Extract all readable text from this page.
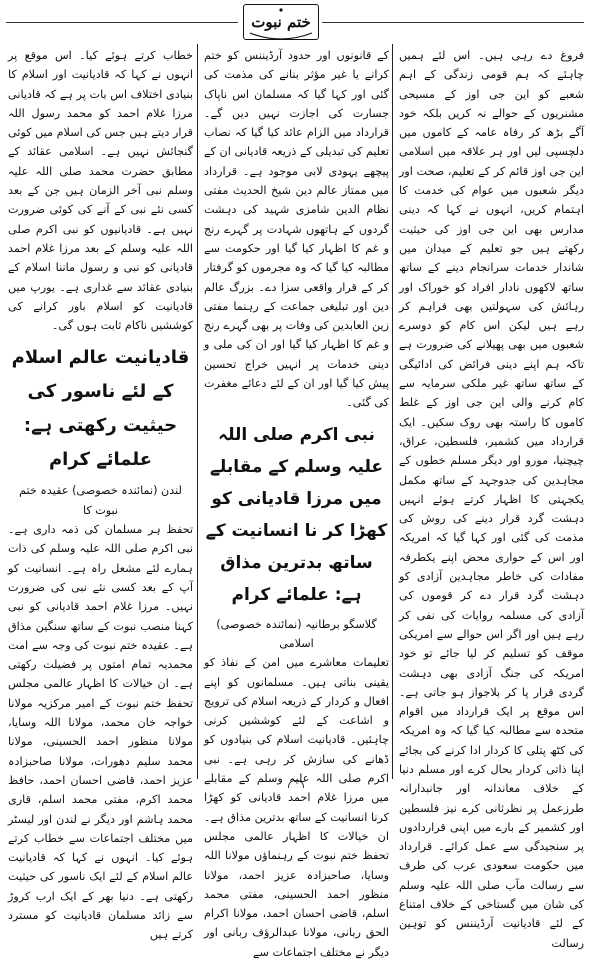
ختم نبوت

فروغ دے رہی ہیں۔ اس لئے ہمیں چاہئے کہ ہم قومی زندگی کے اہم شعبے کو این جی اوز کے مسیحی مشنریوں کے حوالے نہ کریں بلکہ خود آگے بڑھ کر رفاہ عامہ کے کاموں میں دلچسپی لیں اور ہر علاقہ میں اسلامی این جی اوز قائم کر کے تعلیم، صحت اور دیگر شعبوں میں عوام کی خدمت کا اہتمام کریں، انہوں نے کہا کہ دینی مدارس بھی این جی اوز کی حیثیت رکھتے ہیں جو تعلیم کے میدان میں شاندار خدمات سرانجام دینے کے ساتھ ساتھ لاکھوں نادار افراد کو خوراک اور رہائش کی سہولتیں بھی فراہم کر رہے ہیں لیکن اس کام کو دوسرے شعبوں میں بھی پھیلانے کی ضرورت ہے تاکہ ہم اپنے دینی فرائض کی ادائیگی کے ساتھ ساتھ غیر ملکی سرمایہ سے کام کرنے والی این جی اوز کے غلط کاموں کا راستہ بھی روک سکیں۔ ایک قرارداد میں کشمیر، فلسطین، عراق، چیچنیا، مورو اور دیگر مسلم خطوں کے مجاہدین کی جدوجہد کے ساتھ مکمل یکجہتی کا اظہار کرتے ہوئے انہیں دہشت گرد قرار دینے کی روش کی مذمت کی گئی اور کہا گیا کہ امریکہ اور اس کے حواری محض اپنے یکطرفہ مفادات کی خاطر مجاہدین آزادی کو دہشت گرد قرار دے کر قوموں کی آزادی کی مسلمہ روایات کی نفی کر رہے ہیں اور اگر اس حوالے سے امریکی موقف کو تسلیم کر لیا جائے تو خود امریکہ کی جنگ آزادی بھی دہشت گردی قرار پا کر بلاجواز ہو جاتی ہے۔ اس موقع پر ایک قرارداد میں اقوام متحدہ سے مطالبہ کیا گیا کہ وہ امریکہ کی کٹھ پتلی کا کردار ادا کرنے کی بجائے اپنا ذاتی کردار بحال کرے اور مسلم دنیا کے خلاف معاندانہ اور جانبدارانہ طرزعمل پر نظرثانی کرے نیز فلسطین اور کشمیر کے بارے میں اپنی قراردادوں پر سنجیدگی سے عمل کرائے۔ قرارداد میں حکومت سعودی عرب کی طرف سے رسالت مآب صلی اللہ علیہ وسلم کی شان میں گستاخی کے خلاف امتناع کے لئے قادیانیت آرڈیننس کو توہین رسالت

کے قانونوں اور حدود آرڈیننس کو ختم کرانے یا غیر مؤثر بنانے کی مذمت کی گئی اور کہا گیا کہ مسلمان اس ناپاک جسارت کی اجازت نہیں دیں گے۔ قرارداد میں الزام عائد کیا گیا کہ نصاب تعلیم کی تبدیلی کے ذریعہ قادیانی ان کے پیچھے یہودی لابی موجود ہے۔ قرارداد میں ممتاز عالم دین شیخ الحدیث مفتی نظام الدین شامزی شہید کی دہشت گردوں کے ہاتھوں شہادت پر گہرے رنج و غم کا اظہار کیا گیا اور حکومت سے مطالبہ کیا گیا کہ وہ مجرموں کو گرفتار کر کے قرار واقعی سزا دے۔ بزرگ عالم دین اور تبلیغی جماعت کے رہنما مفتی زین العابدین کی وفات پر بھی گہرے رنج و غم کا اظہار کیا گیا اور ان کی ملی و دینی خدمات پر انہیں خراج تحسین پیش کیا گیا اور ان کے لئے دعائے مغفرت کی گئی۔

نبی اکرم صلی اللہ علیہ وسلم کے مقابلے میں مرزا قادیانی کو کھڑا کر نا انسانیت کے ساتھ بدترین مذاق ہے: علمائے کرام

گلاسگو برطانیہ (نمائندہ خصوصی) اسلامی

تعلیمات معاشرے میں امن کے نفاذ کو یقینی بناتی ہیں۔ مسلمانوں کو اپنے افعال و کردار کے ذریعہ اسلام کی ترویج و اشاعت کے لئے کوششیں کرنی چاہئیں۔ قادیانیت اسلام کی بنیادوں کو ڈھانے کی سازش کر رہی ہے۔ نبی اکرم صلی اللہ علیہ وسلم کے مقابلے میں مرزا غلام احمد قادیانی کو کھڑا کرنا انسانیت کے ساتھ بدترین مذاق ہے۔ ان خیالات کا اظہار عالمی مجلس تحفظ ختم نبوت کے رہنماؤں مولانا اللہ وسایا، صاحبزادہ عزیز احمد، مولانا منظور احمد الحسینی، مفتی محمد اسلم، قاضی احسان احمد، مولانا اکرام الحق ربانی، مولانا عبدالرؤف ربانی اور دیگر نے مختلف اجتماعات سے

خطاب کرتے ہوئے کیا۔ اس موقع پر انہوں نے کہا کہ قادیانیت اور اسلام کا بنیادی اختلاف اس بات پر ہے کہ قادیانی مرزا غلام احمد کو محمد رسول اللہ قرار دیتے ہیں جس کی اسلام میں کوئی گنجائش نہیں ہے۔ اسلامی عقائد کے مطابق حضرت محمد صلی اللہ علیہ وسلم نبی آخر الزمان ہیں جن کے بعد کسی نئے نبی کے آنے کی کوئی ضرورت نہیں ہے۔ قادیانیوں کو نبی اکرم صلی اللہ علیہ وسلم کے بعد مرزا غلام احمد قادیانی کو نبی و رسول ماننا اسلام کے بنیادی عقائد سے غداری ہے۔ یورپ میں قادیانیت کو اسلام باور کرانے کی کوششیں ناکام ثابت ہوں گی۔

قادیانیت عالم اسلام کے لئے ناسور کی حیثیت رکھتی ہے: علمائے کرام

لندن (نمائندہ خصوصی) عقیدہ ختم نبوت کا

تحفظ ہر مسلمان کی ذمہ داری ہے۔ نبی اکرم صلی اللہ علیہ وسلم کی ذات ہمارے لئے مشعل راہ ہے۔ انسانیت کو آپ کے بعد کسی نئے نبی کی ضرورت نہیں۔ مرزا غلام احمد قادیانی کو نبی کہنا منصب نبوت کے ساتھ سنگین مذاق ہے۔ عقیدہ ختم نبوت کی وجہ سے امت محمدیہ تمام امتوں پر فضیلت رکھتی ہے۔ ان خیالات کا اظہار عالمی مجلس تحفظ ختم نبوت کے امیر مرکزیہ مولانا خواجہ خان محمد، مولانا اللہ وسایا، مولانا منظور احمد الحسینی، مولانا محمد سلیم دھورات، مولانا صاحبزادہ عزیز احمد، قاضی احسان احمد، حافظ محمد اکرم، مفتی محمد اسلم، قاری محمد ہاشم اور دیگر نے لندن اور لیسٹر میں مختلف اجتماعات سے خطاب کرتے ہوئے کیا۔ انہوں نے کہا کہ قادیانیت عالم اسلام کے لئے ایک ناسور کی حیثیت رکھتی ہے۔ دنیا بھر کے ایک ارب کروڑ سے زائد مسلمان قادیانیت کو مسترد کرتے ہیں
